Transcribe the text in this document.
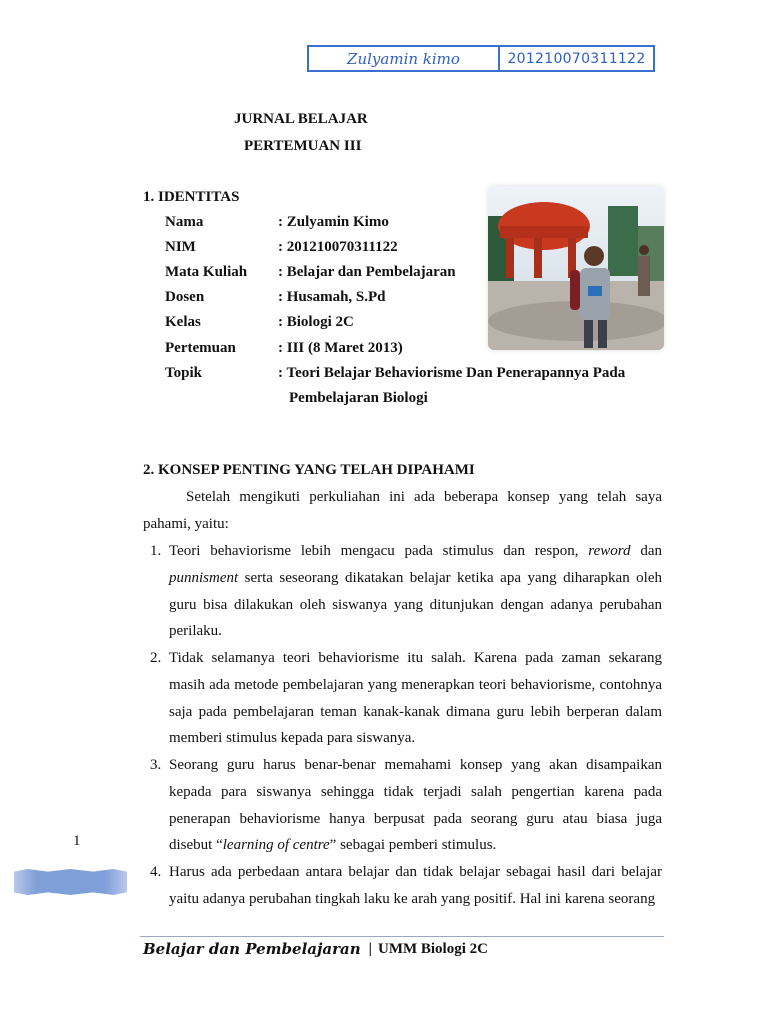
Zulyamin kimo	201210070311122
JURNAL BELAJAR
PERTEMUAN III
1. IDENTITAS
Nama	: Zulyamin Kimo
NIM	: 201210070311122
Mata Kuliah	: Belajar dan Pembelajaran
Dosen	: Husamah, S.Pd
Kelas	: Biologi 2C
Pertemuan	: III (8 Maret 2013)
Topik	: Teori Belajar Behaviorisme Dan Penerapannya Pada
Pembelajaran Biologi
2. KONSEP PENTING YANG TELAH DIPAHAMI
Setelah mengikuti perkuliahan ini ada beberapa konsep yang telah saya
pahami, yaitu:
1. Teori behaviorisme lebih mengacu pada stimulus dan respon, reword dan punnisment serta seseorang dikatakan belajar ketika apa yang diharapkan oleh guru bisa dilakukan oleh siswanya yang ditunjukan dengan adanya perubahan perilaku.
2. Tidak selamanya teori behaviorisme itu salah. Karena pada zaman sekarang masih ada metode pembelajaran yang menerapkan teori behaviorisme, contohnya saja pada pembelajaran teman kanak-kanak dimana guru lebih berperan dalam memberi stimulus kepada para siswanya.
3. Seorang guru harus benar-benar memahami konsep yang akan disampaikan kepada para siswanya sehingga tidak terjadi salah pengertian karena pada penerapan behaviorisme hanya berpusat pada seorang guru atau biasa juga disebut “learning of centre” sebagai pemberi stimulus.
4. Harus ada perbedaan antara belajar dan tidak belajar sebagai hasil dari belajar yaitu adanya perubahan tingkah laku ke arah yang positif. Hal ini karena seorang
1
Belajar dan Pembelajaran | UMM Biologi 2C
